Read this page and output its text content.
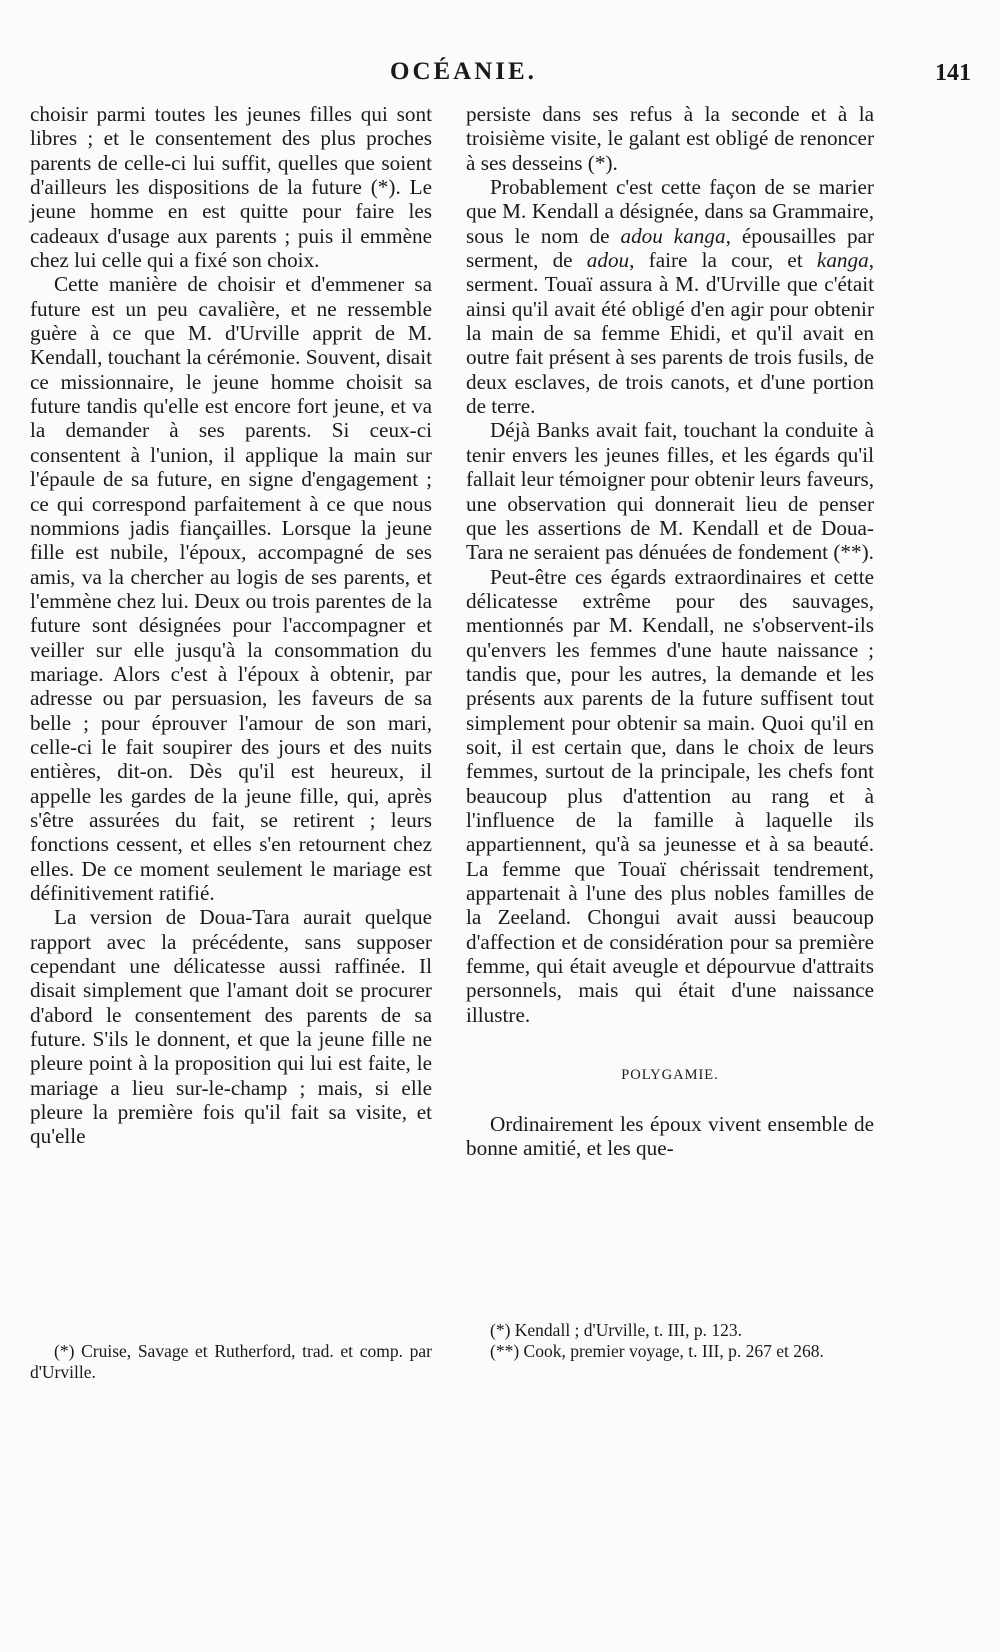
OCÉANIE.	141

choisir parmi toutes les jeunes filles qui sont libres ; et le consentement des plus proches parents de celle-ci lui suffit, quelles que soient d'ailleurs les dispositions de la future (*). Le jeune homme en est quitte pour faire les cadeaux d'usage aux parents ; puis il emmène chez lui celle qui a fixé son choix.

Cette manière de choisir et d'emmener sa future est un peu cavalière, et ne ressemble guère à ce que M. d'Urville apprit de M. Kendall, touchant la cérémonie. Souvent, disait ce missionnaire, le jeune homme choisit sa future tandis qu'elle est encore fort jeune, et va la demander à ses parents. Si ceux-ci consentent à l'union, il applique la main sur l'épaule de sa future, en signe d'engagement ; ce qui correspond parfaitement à ce que nous nommions jadis fiançailles. Lorsque la jeune fille est nubile, l'époux, accompagné de ses amis, va la chercher au logis de ses parents, et l'emmène chez lui. Deux ou trois parentes de la future sont désignées pour l'accompagner et veiller sur elle jusqu'à la consommation du mariage. Alors c'est à l'époux à obtenir, par adresse ou par persuasion, les faveurs de sa belle ; pour éprouver l'amour de son mari, celle-ci le fait soupirer des jours et des nuits entières, dit-on. Dès qu'il est heureux, il appelle les gardes de la jeune fille, qui, après s'être assurées du fait, se retirent ; leurs fonctions cessent, et elles s'en retournent chez elles. De ce moment seulement le mariage est définitivement ratifié.

La version de Doua-Tara aurait quelque rapport avec la précédente, sans supposer cependant une délicatesse aussi raffinée. Il disait simplement que l'amant doit se procurer d'abord le consentement des parents de sa future. S'ils le donnent, et que la jeune fille ne pleure point à la proposition qui lui est faite, le mariage a lieu sur-le-champ ; mais, si elle pleure la première fois qu'il fait sa visite, et qu'elle

persiste dans ses refus à la seconde et à la troisième visite, le galant est obligé de renoncer à ses desseins (*).

Probablement c'est cette façon de se marier que M. Kendall a désignée, dans sa Grammaire, sous le nom de adou kanga, épousailles par serment, de adou, faire la cour, et kanga, serment. Touaï assura à M. d'Urville que c'était ainsi qu'il avait été obligé d'en agir pour obtenir la main de sa femme Ehidi, et qu'il avait en outre fait présent à ses parents de trois fusils, de deux esclaves, de trois canots, et d'une portion de terre.

Déjà Banks avait fait, touchant la conduite à tenir envers les jeunes filles, et les égards qu'il fallait leur témoigner pour obtenir leurs faveurs, une observation qui donnerait lieu de penser que les assertions de M. Kendall et de Doua-Tara ne seraient pas dénuées de fondement (**).

Peut-être ces égards extraordinaires et cette délicatesse extrême pour des sauvages, mentionnés par M. Kendall, ne s'observent-ils qu'envers les femmes d'une haute naissance ; tandis que, pour les autres, la demande et les présents aux parents de la future suffisent tout simplement pour obtenir sa main. Quoi qu'il en soit, il est certain que, dans le choix de leurs femmes, surtout de la principale, les chefs font beaucoup plus d'attention au rang et à l'influence de la famille à laquelle ils appartiennent, qu'à sa jeunesse et à sa beauté. La femme que Touaï chérissait tendrement, appartenait à l'une des plus nobles familles de la Zeeland. Chongui avait aussi beaucoup d'affection et de considération pour sa première femme, qui était aveugle et dépourvue d'attraits personnels, mais qui était d'une naissance illustre.

POLYGAMIE.

Ordinairement les époux vivent ensemble de bonne amitié, et les que-

(*) Cruise, Savage et Rutherford, trad. et comp. par d'Urville.

(*) Kendall ; d'Urville, t. III, p. 123.

(**) Cook, premier voyage, t. III, p. 267 et 268.
